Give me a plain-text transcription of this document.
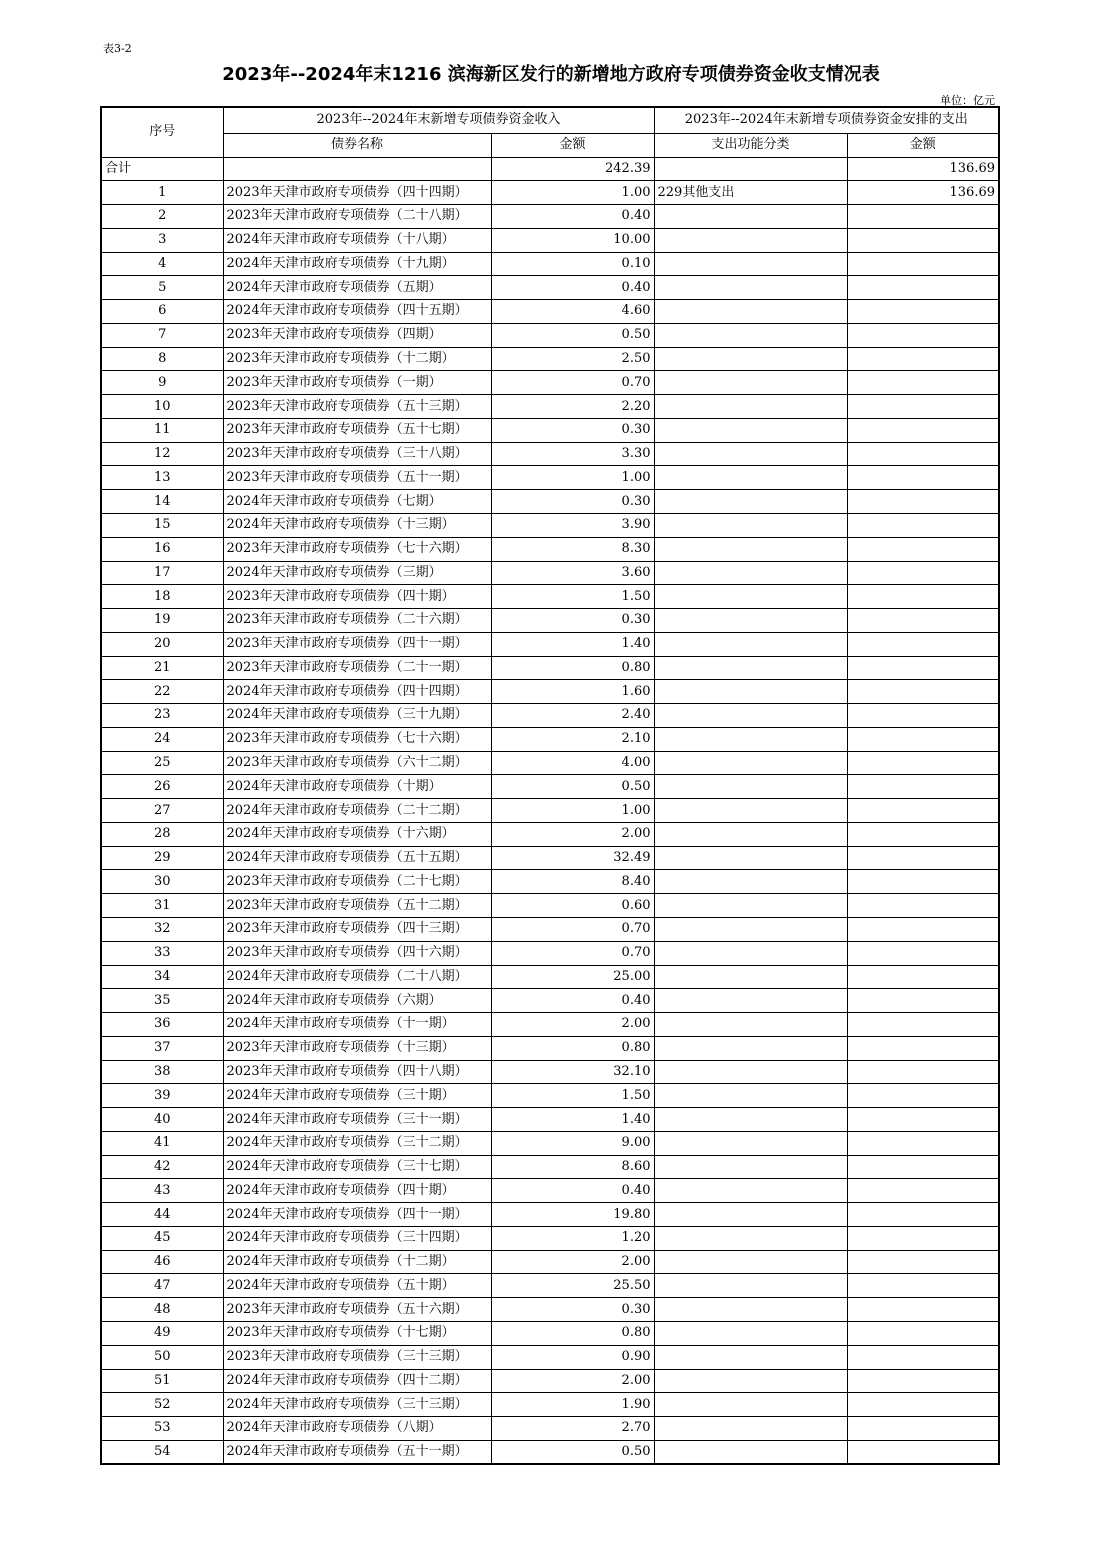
表3-2
2023年--2024年末1216 滨海新区发行的新增地方政府专项债券资金收支情况表
单位：亿元
序号	2023年--2024年末新增专项债券资金收入		2023年--2024年末新增专项债券资金安排的支出	
	债券名称	金额	支出功能分类	金额
合计		242.39		136.69
1	2023年天津市政府专项债券（四十四期）	1.00	229其他支出	136.69
2	2023年天津市政府专项债券（二十八期）	0.40		
3	2024年天津市政府专项债券（十八期）	10.00		
4	2024年天津市政府专项债券（十九期）	0.10		
5	2024年天津市政府专项债券（五期）	0.40		
6	2024年天津市政府专项债券（四十五期）	4.60		
7	2023年天津市政府专项债券（四期）	0.50		
8	2023年天津市政府专项债券（十二期）	2.50		
9	2023年天津市政府专项债券（一期）	0.70		
10	2023年天津市政府专项债券（五十三期）	2.20		
11	2023年天津市政府专项债券（五十七期）	0.30		
12	2023年天津市政府专项债券（三十八期）	3.30		
13	2023年天津市政府专项债券（五十一期）	1.00		
14	2024年天津市政府专项债券（七期）	0.30		
15	2024年天津市政府专项债券（十三期）	3.90		
16	2023年天津市政府专项债券（七十六期）	8.30		
17	2024年天津市政府专项债券（三期）	3.60		
18	2023年天津市政府专项债券（四十期）	1.50		
19	2023年天津市政府专项债券（二十六期）	0.30		
20	2023年天津市政府专项债券（四十一期）	1.40		
21	2023年天津市政府专项债券（二十一期）	0.80		
22	2024年天津市政府专项债券（四十四期）	1.60		
23	2024年天津市政府专项债券（三十九期）	2.40		
24	2023年天津市政府专项债券（七十六期）	2.10		
25	2023年天津市政府专项债券（六十二期）	4.00		
26	2024年天津市政府专项债券（十期）	0.50		
27	2024年天津市政府专项债券（二十二期）	1.00		
28	2024年天津市政府专项债券（十六期）	2.00		
29	2024年天津市政府专项债券（五十五期）	32.49		
30	2023年天津市政府专项债券（二十七期）	8.40		
31	2023年天津市政府专项债券（五十二期）	0.60		
32	2023年天津市政府专项债券（四十三期）	0.70		
33	2023年天津市政府专项债券（四十六期）	0.70		
34	2024年天津市政府专项债券（二十八期）	25.00		
35	2024年天津市政府专项债券（六期）	0.40		
36	2024年天津市政府专项债券（十一期）	2.00		
37	2023年天津市政府专项债券（十三期）	0.80		
38	2023年天津市政府专项债券（四十八期）	32.10		
39	2024年天津市政府专项债券（三十期）	1.50		
40	2024年天津市政府专项债券（三十一期）	1.40		
41	2024年天津市政府专项债券（三十二期）	9.00		
42	2024年天津市政府专项债券（三十七期）	8.60		
43	2024年天津市政府专项债券（四十期）	0.40		
44	2024年天津市政府专项债券（四十一期）	19.80		
45	2024年天津市政府专项债券（三十四期）	1.20		
46	2024年天津市政府专项债券（十二期）	2.00		
47	2024年天津市政府专项债券（五十期）	25.50		
48	2023年天津市政府专项债券（五十六期）	0.30		
49	2023年天津市政府专项债券（十七期）	0.80		
50	2023年天津市政府专项债券（三十三期）	0.90		
51	2024年天津市政府专项债券（四十二期）	2.00		
52	2024年天津市政府专项债券（三十三期）	1.90		
53	2024年天津市政府专项债券（八期）	2.70		
54	2024年天津市政府专项债券（五十一期）	0.50		
